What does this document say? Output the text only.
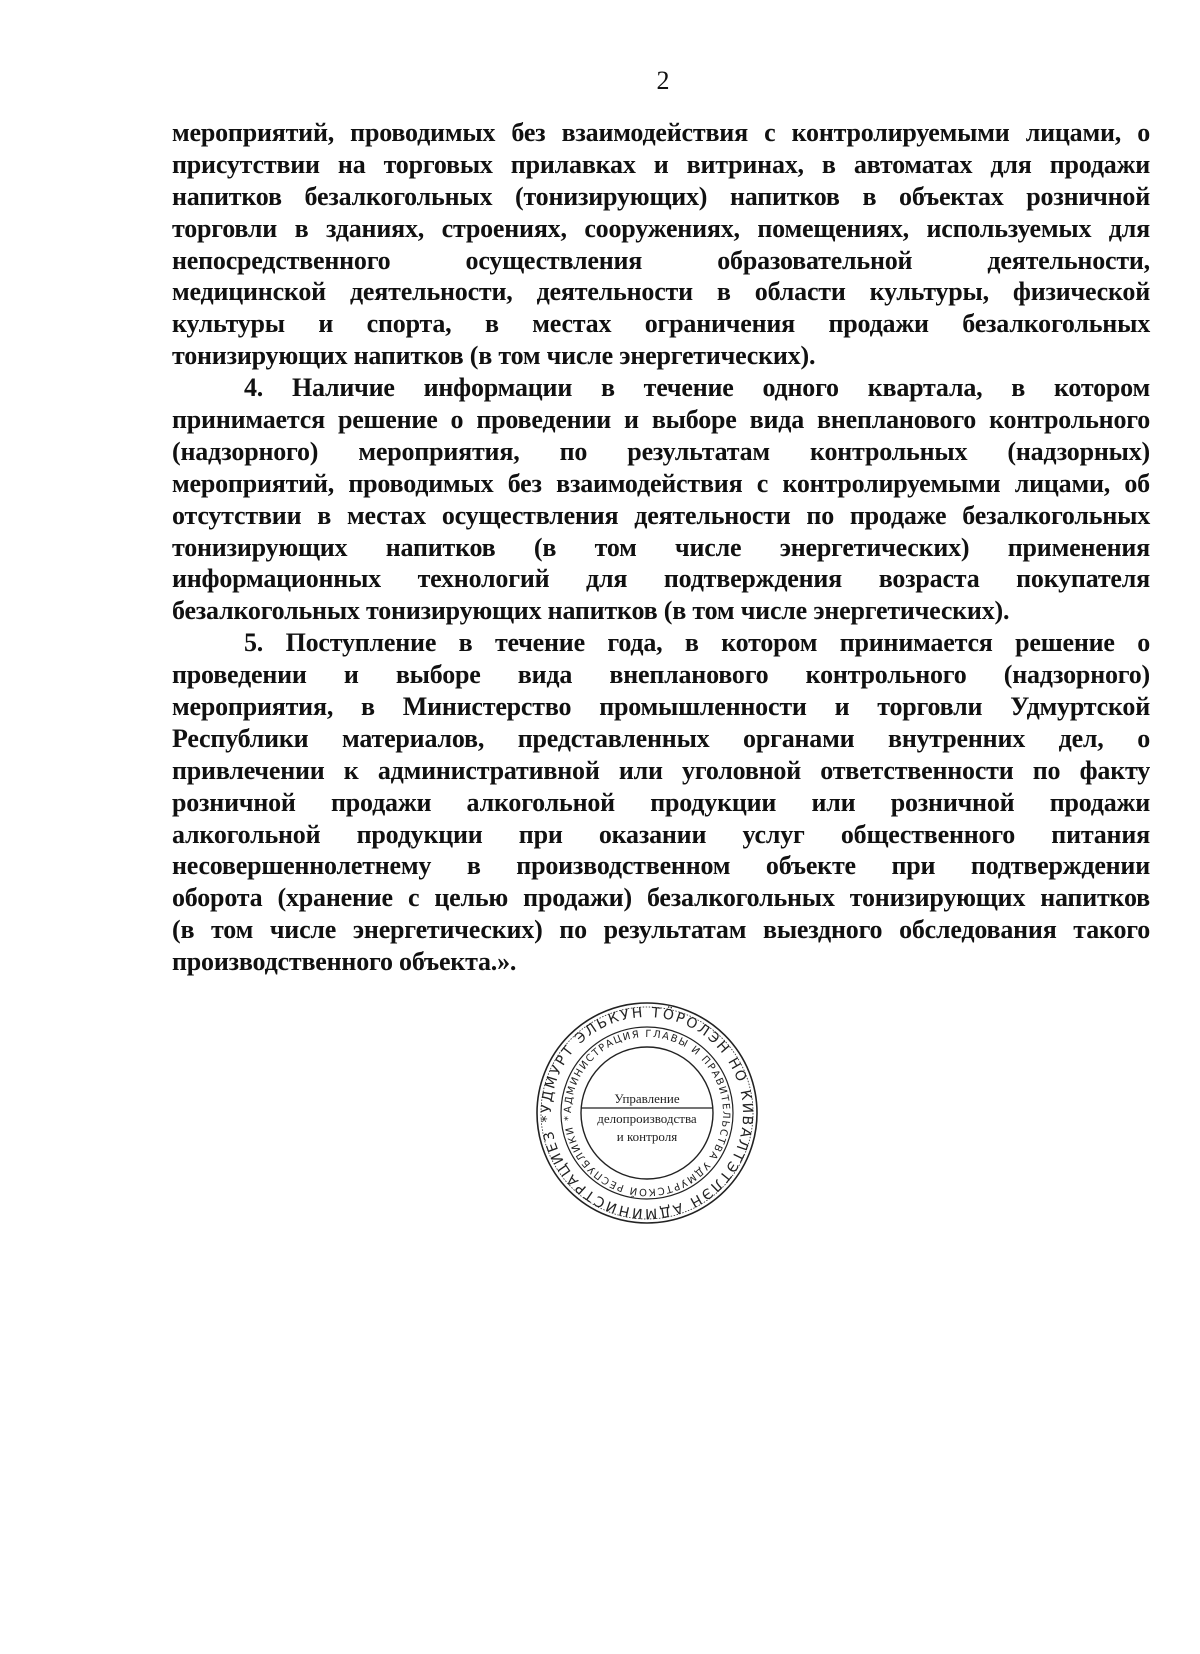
2
мероприятий, проводимых без взаимодействия с контролируемыми лицами, о
присутствии на торговых прилавках и витринах, в автоматах для продажи
напитков безалкогольных (тонизирующих) напитков в объектах розничной
торговли в зданиях, строениях, сооружениях, помещениях, используемых для
непосредственного осуществления образовательной деятельности,
медицинской деятельности, деятельности в области культуры, физической
культуры и спорта, в местах ограничения продажи безалкогольных
тонизирующих напитков (в том числе энергетических).
4. Наличие информации в течение одного квартала, в котором
принимается решение о проведении и выборе вида внепланового контрольного
(надзорного) мероприятия, по результатам контрольных (надзорных)
мероприятий, проводимых без взаимодействия с контролируемыми лицами, об
отсутствии в местах осуществления деятельности по продаже безалкогольных
тонизирующих напитков (в том числе энергетических) применения
информационных технологий для подтверждения возраста покупателя
безалкогольных тонизирующих напитков (в том числе энергетических).
5. Поступление в течение года, в котором принимается решение о
проведении и выборе вида внепланового контрольного (надзорного)
мероприятия, в Министерство промышленности и торговли Удмуртской
Республики материалов, представленных органами внутренних дел, о
привлечении к административной или уголовной ответственности по факту
розничной продажи алкогольной продукции или розничной продажи
алкогольной продукции при оказании услуг общественного питания
несовершеннолетнему в производственном объекте при подтверждении
оборота (хранение с целью продажи) безалкогольных тонизирующих напитков
(в том числе энергетических) по результатам выездного обследования такого
производственного объекта.».
УДМУРТ ЭЛЬКУН ТӦРОЛЭН НО КИВАЛТЭТЛЭН АДМИНИСТРАЦИЕЗ *
АДМИНИСТРАЦИЯ ГЛАВЫ И ПРАВИТЕЛЬСТВА УДМУРТСКОЙ РЕСПУБЛИКИ *
Управление
делопроизводства
и контроля
